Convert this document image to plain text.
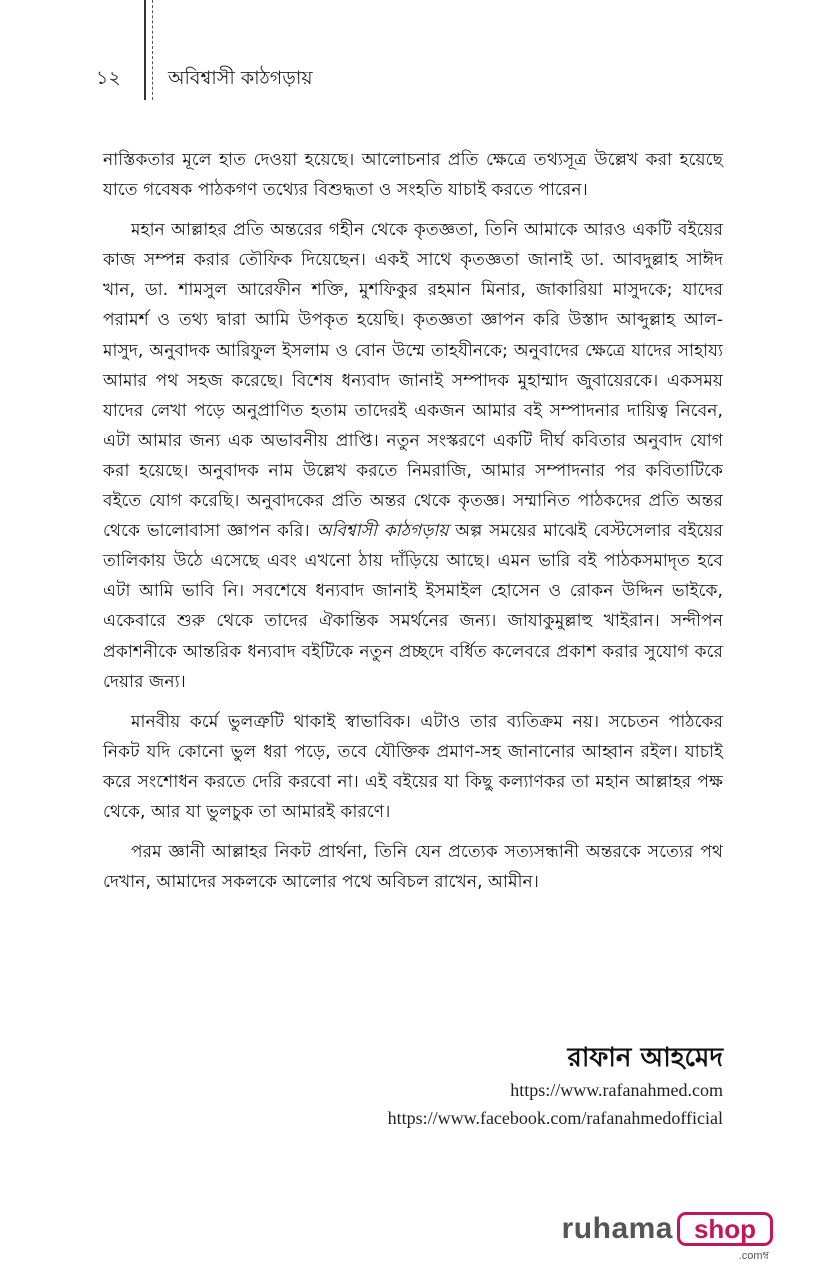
১২ অবিশ্বাসী কাঠগড়ায়

নাস্তিকতার মূলে হাত দেওয়া হয়েছে। আলোচনার প্রতি ক্ষেত্রে তথ্যসূত্র উল্লেখ করা হয়েছে যাতে গবেষক পাঠকগণ তথ্যের বিশুদ্ধতা ও সংহতি যাচাই করতে পারেন।

মহান আল্লাহর প্রতি অন্তরের গহীন থেকে কৃতজ্ঞতা, তিনি আমাকে আরও একটি বইয়ের কাজ সম্পন্ন করার তৌফিক দিয়েছেন। একই সাথে কৃতজ্ঞতা জানাই ডা. আবদুল্লাহ সাঈদ খান, ডা. শামসুল আরেফীন শক্তি, মুশফিকুর রহমান মিনার, জাকারিয়া মাসুদকে; যাদের পরামর্শ ও তথ্য দ্বারা আমি উপকৃত হয়েছি। কৃতজ্ঞতা জ্ঞাপন করি উস্তাদ আব্দুল্লাহ আল-মাসুদ, অনুবাদক আরিফুল ইসলাম ও বোন উম্মে তাহযীনকে; অনুবাদের ক্ষেত্রে যাদের সাহায্য আমার পথ সহজ করেছে। বিশেষ ধন্যবাদ জানাই সম্পাদক মুহাম্মাদ জুবায়েরকে। একসময় যাদের লেখা পড়ে অনুপ্রাণিত হতাম তাদেরই একজন আমার বই সম্পাদনার দায়িত্ব নিবেন, এটা আমার জন্য এক অভাবনীয় প্রাপ্তি। নতুন সংস্করণে একটি দীর্ঘ কবিতার অনুবাদ যোগ করা হয়েছে। অনুবাদক নাম উল্লেখ করতে নিমরাজি, আমার সম্পাদনার পর কবিতাটিকে বইতে যোগ করেছি। অনুবাদকের প্রতি অন্তর থেকে কৃতজ্ঞ। সম্মানিত পাঠকদের প্রতি অন্তর থেকে ভালোবাসা জ্ঞাপন করি। অবিশ্বাসী কাঠগড়ায় অল্প সময়ের মাঝেই বেস্টসেলার বইয়ের তালিকায় উঠে এসেছে এবং এখনো ঠায় দাঁড়িয়ে আছে। এমন ভারি বই পাঠকসমাদৃত হবে এটা আমি ভাবি নি। সবশেষে ধন্যবাদ জানাই ইসমাইল হোসেন ও রোকন উদ্দিন ভাইকে, একেবারে শুরু থেকে তাদের ঐকান্তিক সমর্থনের জন্য। জাযাকুমুল্লাহু খাইরান। সন্দীপন প্রকাশনীকে আন্তরিক ধন্যবাদ বইটিকে নতুন প্রচ্ছদে বর্ধিত কলেবরে প্রকাশ করার সুযোগ করে দেয়ার জন্য।

মানবীয় কর্মে ভুলত্রুটি থাকাই স্বাভাবিক। এটাও তার ব্যতিক্রম নয়। সচেতন পাঠকের নিকট যদি কোনো ভুল ধরা পড়ে, তবে যৌক্তিক প্রমাণ-সহ জানানোর আহ্বান রইল। যাচাই করে সংশোধন করতে দেরি করবো না। এই বইয়ের যা কিছু কল্যাণকর তা মহান আল্লাহর পক্ষ থেকে, আর যা ভুলচুক তা আমারই কারণে।

পরম জ্ঞানী আল্লাহর নিকট প্রার্থনা, তিনি যেন প্রত্যেক সত্যসন্ধানী অন্তরকে সত্যের পথ দেখান, আমাদের সকলকে আলোর পথে অবিচল রাখেন, আমীন।

রাফান আহমেদ
https://www.rafanahmed.com
https://www.facebook.com/rafanahmedofficial
ruhama shop
.comম্ব
